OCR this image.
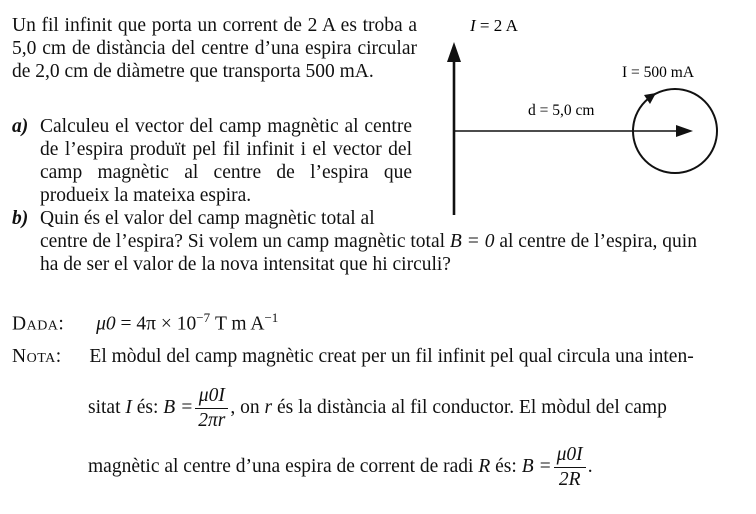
Un fil infinit que porta un corrent de 2 A es troba a 5,0 cm de distància del centre d’una espira circular de 2,0 cm de diàmetre que transporta 500 mA.
a) Calculeu el vector del camp magnètic al centre de l’espira produït pel fil infinit i el vector del camp magnètic al centre de l’espira que produeix la mateixa espira.
b) Quin és el valor del camp magnètic total al
centre de l’espira? Si volem un camp magnètic total B = 0 al centre de l’espira, quin
ha de ser el valor de la nova intensitat que hi circuli?
I = 2 A
d = 5,0 cm
I = 500 mA
Dada: $\mu 0 = 4\pi \times 10^{-7}$ T m $A^{-1}$
Nota: El mòdul del camp magnètic creat per un fil infinit pel qual circula una inten-
sitat I és: $B = \frac{\mu 0I}{2\pi r}$ , on r és la distància al fil conductor. El mòdul del camp
magnètic al centre d’una espira de corrent de radi R és: $B = \frac{\mu 0I}{2R}$ .
